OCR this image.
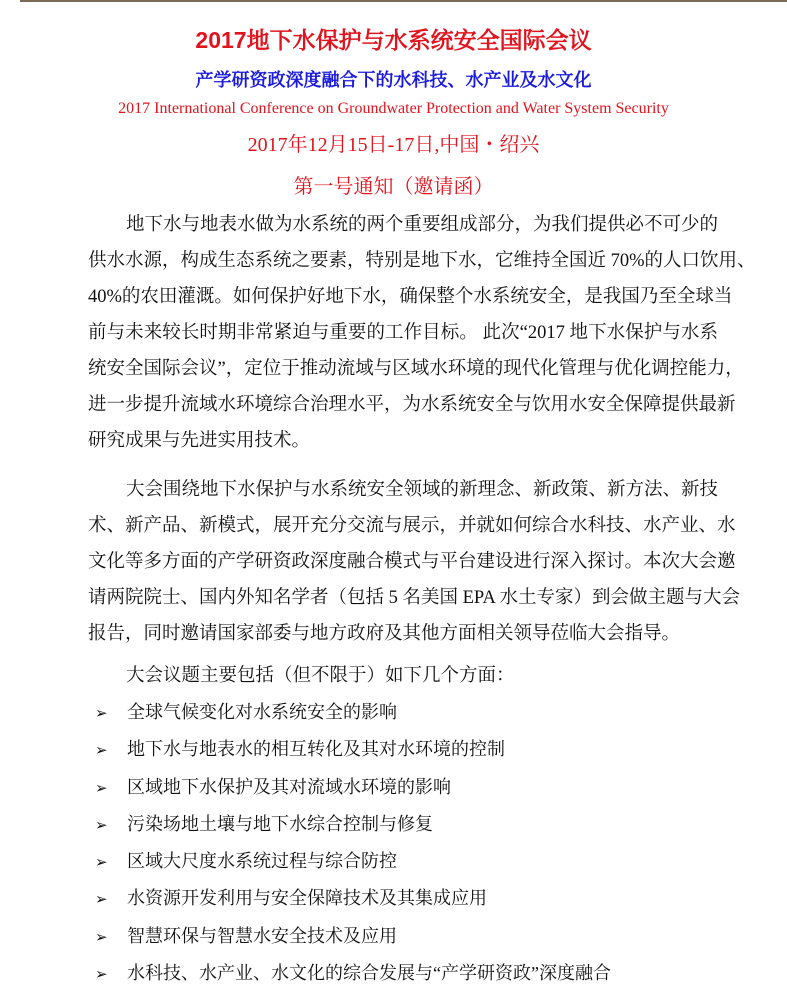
2017地下水保护与水系统安全国际会议
产学研资政深度融合下的水科技、水产业及水文化
2017 International Conference on Groundwater Protection and Water System Security
2017年12月15日-17日,中国・绍兴
第一号通知（邀请函）
地下水与地表水做为水系统的两个重要组成部分，为我们提供必不可少的
供水水源，构成生态系统之要素，特别是地下水，它维持全国近 70%的人口饮用、
40%的农田灌溉。如何保护好地下水，确保整个水系统安全，是我国乃至全球当
前与未来较长时期非常紧迫与重要的工作目标。 此次“2017 地下水保护与水系
统安全国际会议”，定位于推动流域与区域水环境的现代化管理与优化调控能力，
进一步提升流域水环境综合治理水平，为水系统安全与饮用水安全保障提供最新
研究成果与先进实用技术。
大会围绕地下水保护与水系统安全领域的新理念、新政策、新方法、新技
术、新产品、新模式，展开充分交流与展示，并就如何综合水科技、水产业、水
文化等多方面的产学研资政深度融合模式与平台建设进行深入探讨。本次大会邀
请两院院士、国内外知名学者（包括 5 名美国 EPA 水土专家）到会做主题与大会
报告，同时邀请国家部委与地方政府及其他方面相关领导莅临大会指导。
大会议题主要包括（但不限于）如下几个方面：
➢ 全球气候变化对水系统安全的影响
➢ 地下水与地表水的相互转化及其对水环境的控制
➢ 区域地下水保护及其对流域水环境的影响
➢ 污染场地土壤与地下水综合控制与修复
➢ 区域大尺度水系统过程与综合防控
➢ 水资源开发利用与安全保障技术及其集成应用
➢ 智慧环保与智慧水安全技术及应用
➢ 水科技、水产业、水文化的综合发展与“产学研资政”深度融合
